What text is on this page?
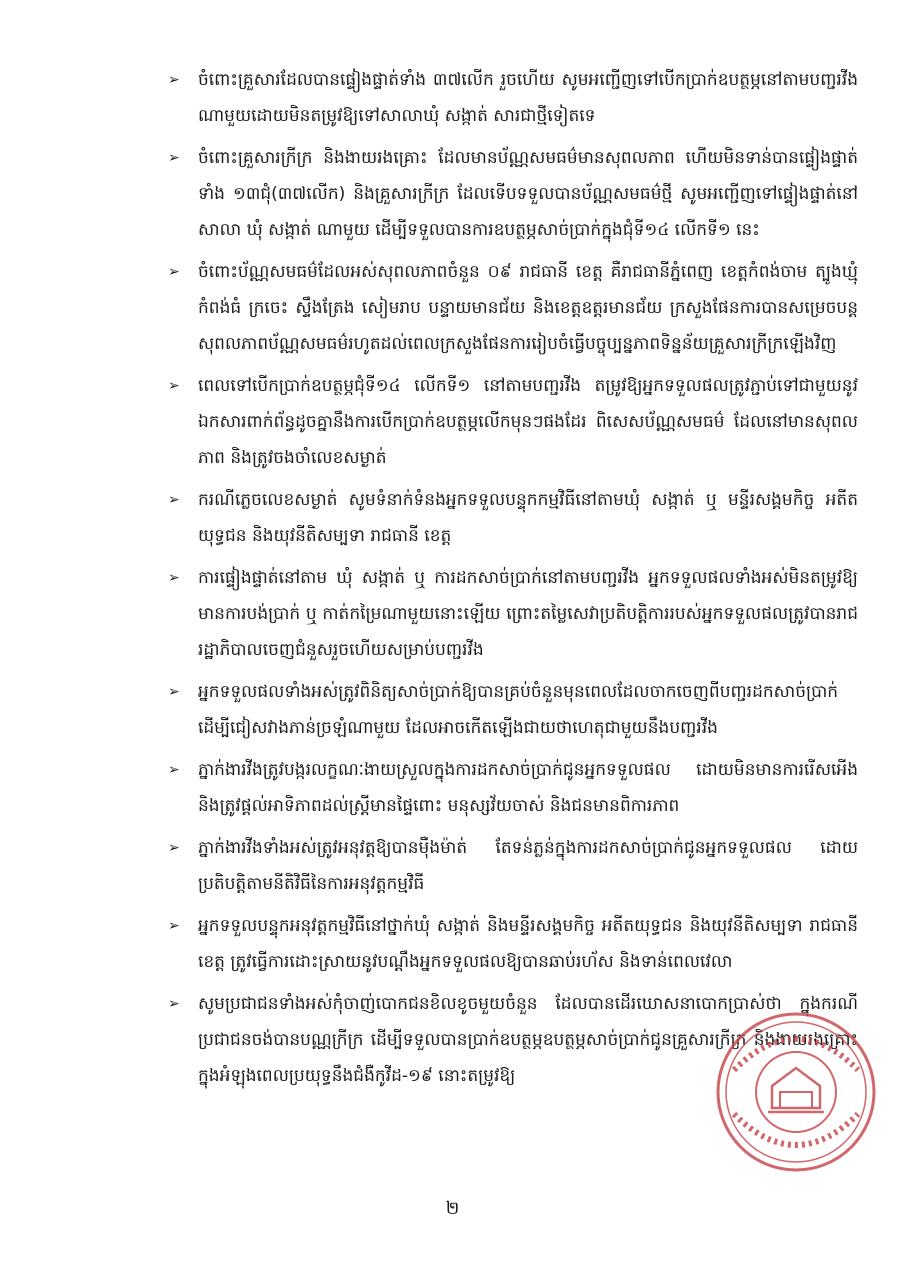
➢ ចំពោះគ្រួសារដែលបានផ្ទៀងផ្ទាត់ទាំង ៣៧លើក រួចហើយ សូមអញ្ជើញទៅបើកប្រាក់ឧបត្ថម្ភនៅតាមបញ្ជរវីងណាមួយដោយមិនតម្រូវឱ្យទៅសាលាឃុំ សង្កាត់ សារជាថ្មីទៀតទេ
➢ ចំពោះគ្រួសារក្រីក្រ និងងាយរងគ្រោះ ដែលមានប័ណ្ណសមធម៌មានសុពលភាព ហើយមិនទាន់បានផ្ទៀងផ្ទាត់ទាំង ១៣ជុំ(៣៧លើក) និងគ្រួសារក្រីក្រ ដែលទើបទទួលបានប័ណ្ណសមធម៌ថ្មី សូមអញ្ជើញទៅផ្ទៀងផ្ទាត់នៅសាលា ឃុំ សង្កាត់ ណាមួយ ដើម្បីទទួលបានការឧបត្ថម្ភសាច់ប្រាក់ក្នុងជុំទី១៤ លើកទី១ នេះ
➢ ចំពោះប័ណ្ណសមធម៌ដែលអស់សុពលភាពចំនួន ០៩ រាជធានី ខេត្ត គឺរាជធានីភ្នំពេញ ខេត្តកំពង់ចាម ត្បូងឃ្មុំ កំពង់ធំ ក្រចេះ ស្ទឹងត្រែង សៀមរាប បន្ទាយមានជ័យ និងខេត្តឧត្តរមានជ័យ ក្រសួងផែនការបានសម្រេចបន្តសុពលភាពប័ណ្ណសមធម៌រហូតដល់ពេលក្រសួងផែនការរៀបចំធ្វើបច្ចុប្បន្នភាពទិន្នន័យគ្រួសារក្រីក្រឡើងវិញ
➢ ពេលទៅបើកប្រាក់ឧបត្ថម្ភជុំទី១៤ លើកទី១ នៅតាមបញ្ជរវីង តម្រូវឱ្យអ្នកទទួលផលត្រូវភ្ជាប់ទៅជាមួយនូវឯកសារពាក់ព័ន្ធដូចគ្នានឹងការបើកប្រាក់ឧបត្ថម្ភលើកមុនៗផងដែរ ពិសេសប័ណ្ណសមធម៌ ដែលនៅមានសុពលភាព និងត្រូវចងចាំលេខសម្ងាត់
➢ ករណីភ្លេចលេខសម្ងាត់ សូមទំនាក់ទំនងអ្នកទទួលបន្ទុកកម្មវិធីនៅតាមឃុំ សង្កាត់ ឬ មន្ទីរសង្គមកិច្ច អតីតយុទ្ធជន និងយុវនីតិសម្បទា រាជធានី ខេត្ត
➢ ការផ្ទៀងផ្ទាត់នៅតាម ឃុំ សង្កាត់ ឬ ការដកសាច់ប្រាក់នៅតាមបញ្ជរវីង អ្នកទទួលផលទាំងអស់មិនតម្រូវឱ្យមានការបង់ប្រាក់ ឬ កាត់កម្រៃណាមួយនោះឡើយ ព្រោះតម្លៃសេវាប្រតិបត្តិការរបស់អ្នកទទួលផលត្រូវបានរាជរដ្ឋាភិបាលចេញជំនួសរួចហើយសម្រាប់បញ្ជរវីង
➢ អ្នកទទួលផលទាំងអស់ត្រូវពិនិត្យសាច់ប្រាក់ឱ្យបានគ្រប់ចំនួនមុនពេលដែលចាកចេញពីបញ្ជរដកសាច់ប្រាក់ ដើម្បីជៀសវាងភាន់ច្រឡំណាមួយ ដែលអាចកើតឡើងជាយថាហេតុជាមួយនឹងបញ្ជរវីង
➢ ភ្នាក់ងារវីងត្រូវបង្ករលក្ខណៈងាយស្រួលក្នុងការដកសាច់ប្រាក់ជូនអ្នកទទួលផល ដោយមិនមានការរើសអើង និងត្រូវផ្តល់អាទិភាពដល់ស្ត្រីមានផ្ទៃពោះ មនុស្សវ័យចាស់ និងជនមានពិការភាព
➢ ភ្នាក់ងារវីងទាំងអស់ត្រូវអនុវត្តឱ្យបានម៉ឺងម៉ាត់ តែទន់ភ្លន់ក្នុងការដកសាច់ប្រាក់ជូនអ្នកទទួលផល ដោយប្រតិបត្តិតាមនីតិវិធីនៃការអនុវត្តកម្មវិធី
➢ អ្នកទទួលបន្ទុកអនុវត្តកម្មវិធីនៅថ្នាក់ឃុំ សង្កាត់ និងមន្ទីរសង្គមកិច្ច អតីតយុទ្ធជន និងយុវនីតិសម្បទា រាជធានីខេត្ត ត្រូវធ្វើការដោះស្រាយនូវបណ្តឹងអ្នកទទួលផលឱ្យបានឆាប់រហ័ស និងទាន់ពេលវេលា
➢ សូមប្រជាជនទាំងអស់កុំចាញ់បោកជនខិលខូចមួយចំនួន ដែលបានដើរឃោសនាបោកប្រាស់ថា ក្នុងករណីប្រជាជនចង់បានបណ្ណក្រីក្រ ដើម្បីទទួលបានប្រាក់ឧបត្ថម្ភឧបត្ថម្ភសាច់ប្រាក់ជូនគ្រួសារក្រីក្រ និងងាយរងគ្រោះក្នុងអំឡុងពេលប្រយុទ្ធនឹងជំងឺកូវីដ-១៩ នោះតម្រូវឱ្យ
២
